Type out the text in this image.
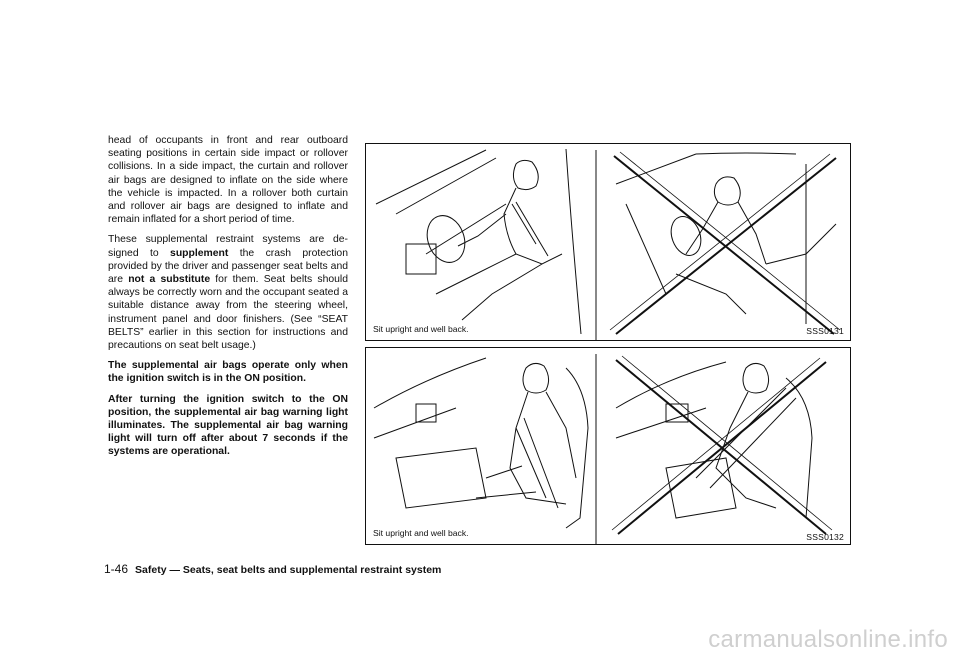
head of occupants in front and rear outboard seating positions in certain side impact or rollover collisions. In a side impact, the curtain and rollover air bags are designed to inflate on the side where the vehicle is impacted. In a rollover both curtain and rollover air bags are designed to inflate and remain inflated for a short period of time.

These supplemental restraint systems are de-signed to supplement the crash protection provided by the driver and passenger seat belts and are not a substitute for them. Seat belts should always be correctly worn and the occupant seated a suitable distance away from the steering wheel, instrument panel and door finishers. (See “SEAT BELTS” earlier in this section for instructions and precautions on seat belt usage.)

The supplemental air bags operate only when the ignition switch is in the ON position.

After turning the ignition switch to the ON position, the supplemental air bag warning light illuminates. The supplemental air bag warning light will turn off after about 7 seconds if the systems are operational.

Sit upright and well back.	SSS0131
Sit upright and well back.	SSS0132
1-46 Safety — Seats, seat belts and supplemental restraint system
carmanualsonline.info
